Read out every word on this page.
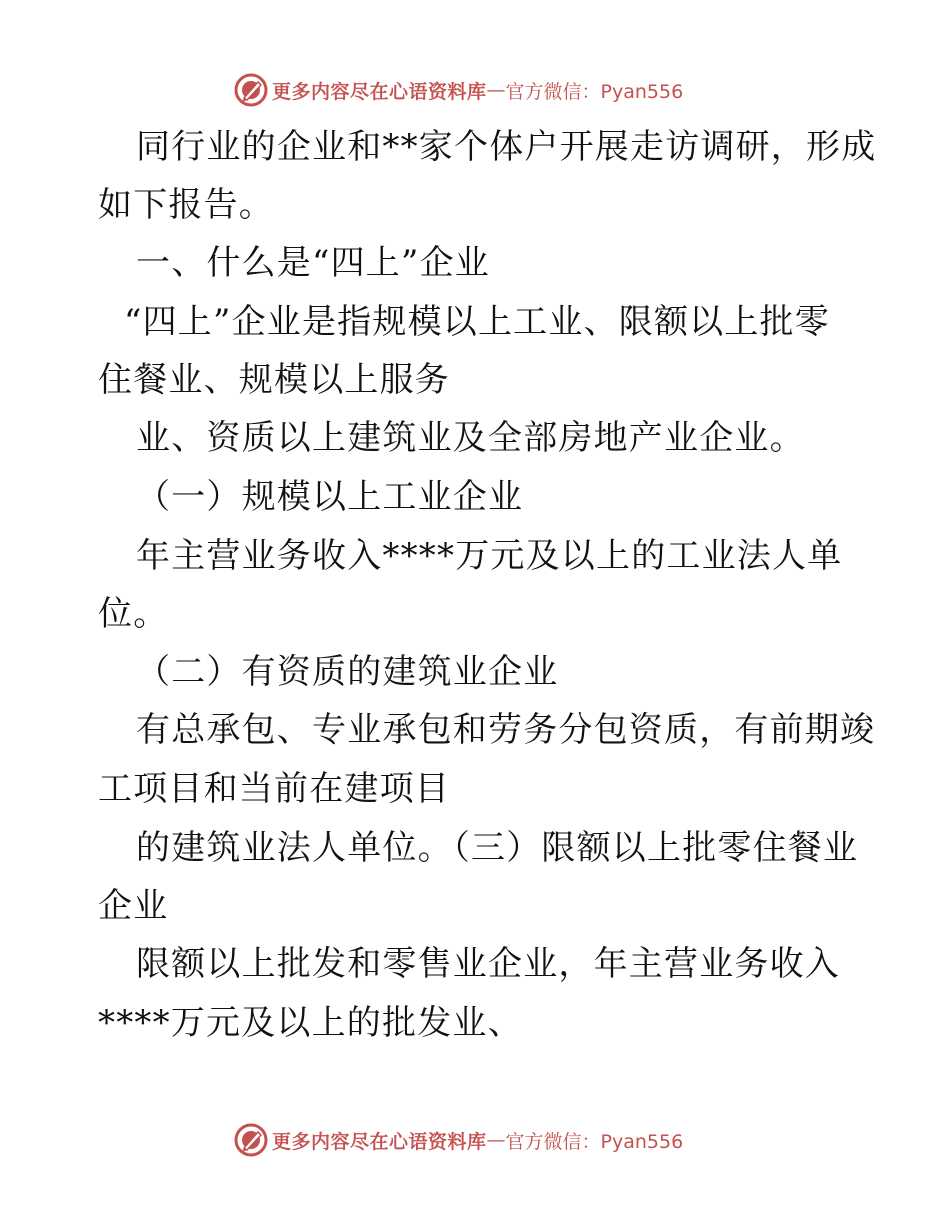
更多内容尽在心语资料库 — 官方微信：Pyan556
同行业的企业和**家个体户开展走访调研，形成
如下报告。
一、什么是“四上”企业
“四上”企业是指规模以上工业、限额以上批零
住餐业、规模以上服务
业、资质以上建筑业及全部房地产业企业。
（一）规模以上工业企业
年主营业务收入****万元及以上的工业法人单
位。
（二）有资质的建筑业企业
有总承包、专业承包和劳务分包资质，有前期竣
工项目和当前在建项目
的建筑业法人单位。（三）限额以上批零住餐业
企业
限额以上批发和零售业企业，年主营业务收入
****万元及以上的批发业、
更多内容尽在心语资料库 — 官方微信：Pyan556
